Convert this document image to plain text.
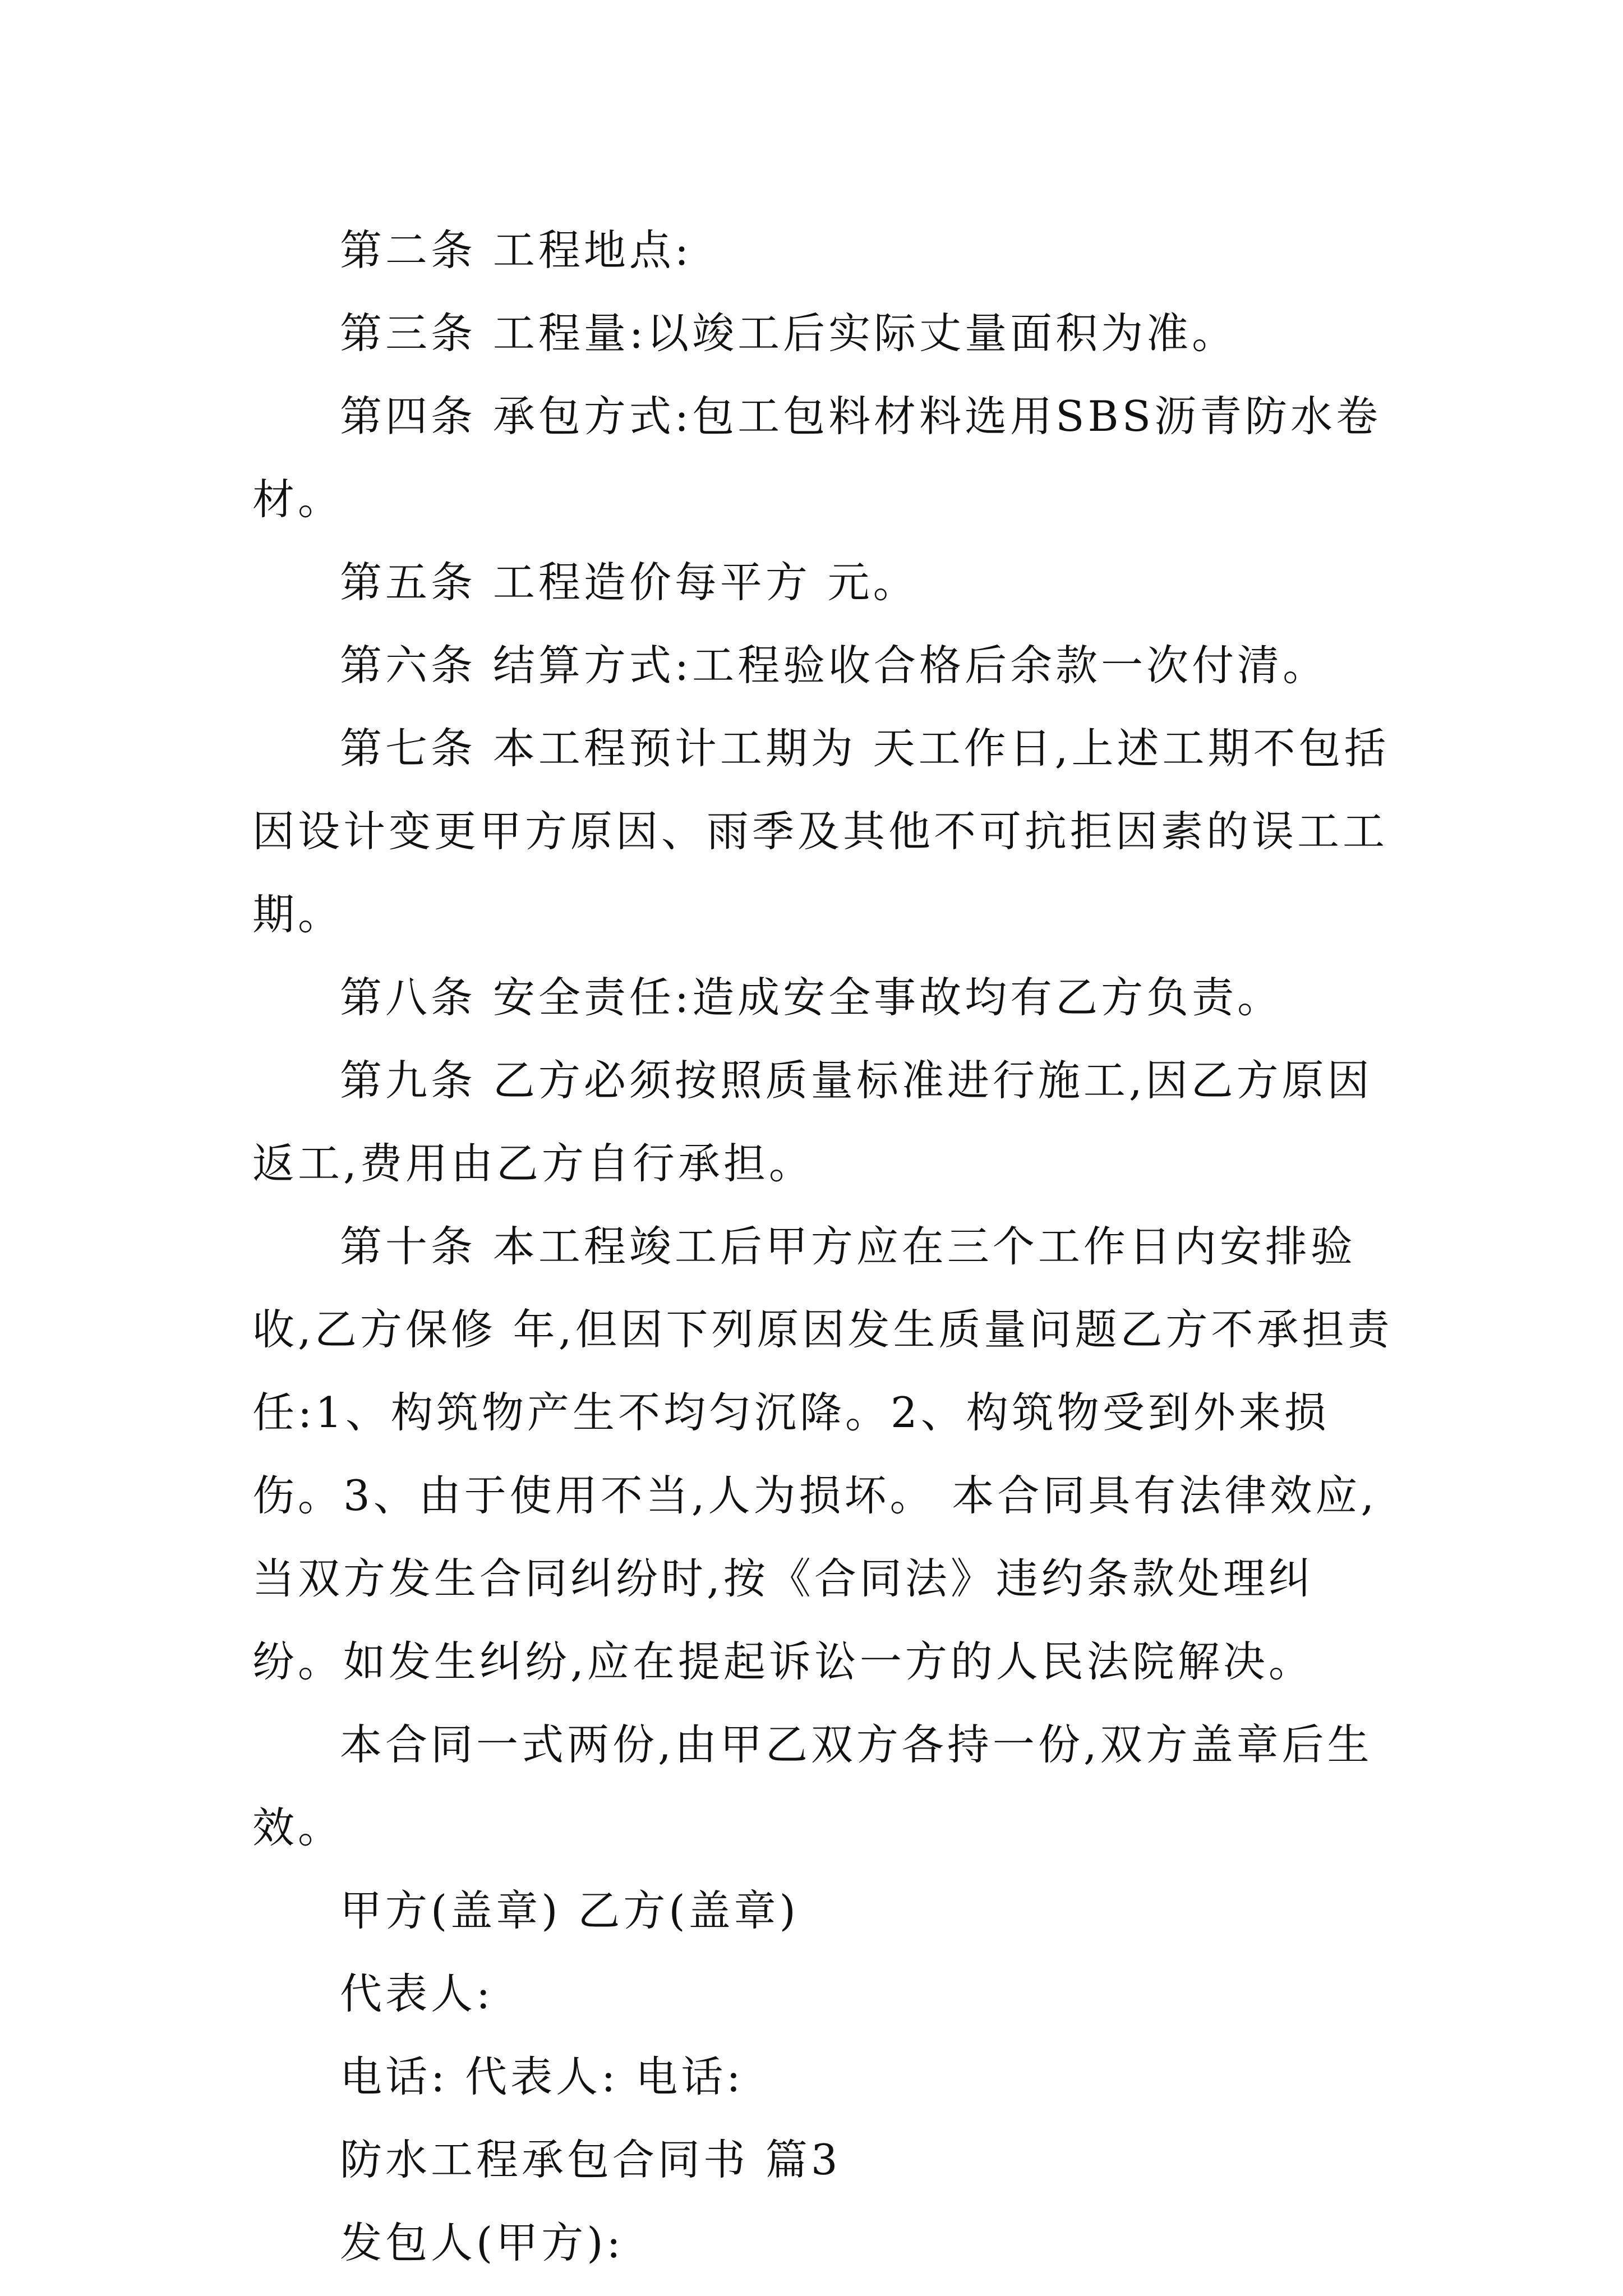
第二条 工程地点:

第三条 工程量:以竣工后实际丈量面积为准。

第四条 承包方式:包工包料材料选用SBS沥青防水卷材。

第五条 工程造价每平方 元。

第六条 结算方式:工程验收合格后余款一次付清。

第七条 本工程预计工期为 天工作日,上述工期不包括因设计变更甲方原因、雨季及其他不可抗拒因素的误工工期。

第八条 安全责任:造成安全事故均有乙方负责。

第九条 乙方必须按照质量标准进行施工,因乙方原因返工,费用由乙方自行承担。

第十条 本工程竣工后甲方应在三个工作日内安排验收,乙方保修 年,但因下列原因发生质量问题乙方不承担责任:1、构筑物产生不均匀沉降。2、构筑物受到外来损伤。3、由于使用不当,人为损坏。 本合同具有法律效应,当双方发生合同纠纷时,按《合同法》违约条款处理纠纷。如发生纠纷,应在提起诉讼一方的人民法院解决。

本合同一式两份,由甲乙双方各持一份,双方盖章后生效。

甲方(盖章) 乙方(盖章)

代表人:

电话: 代表人: 电话:

防水工程承包合同书 篇3

发包人(甲方):
